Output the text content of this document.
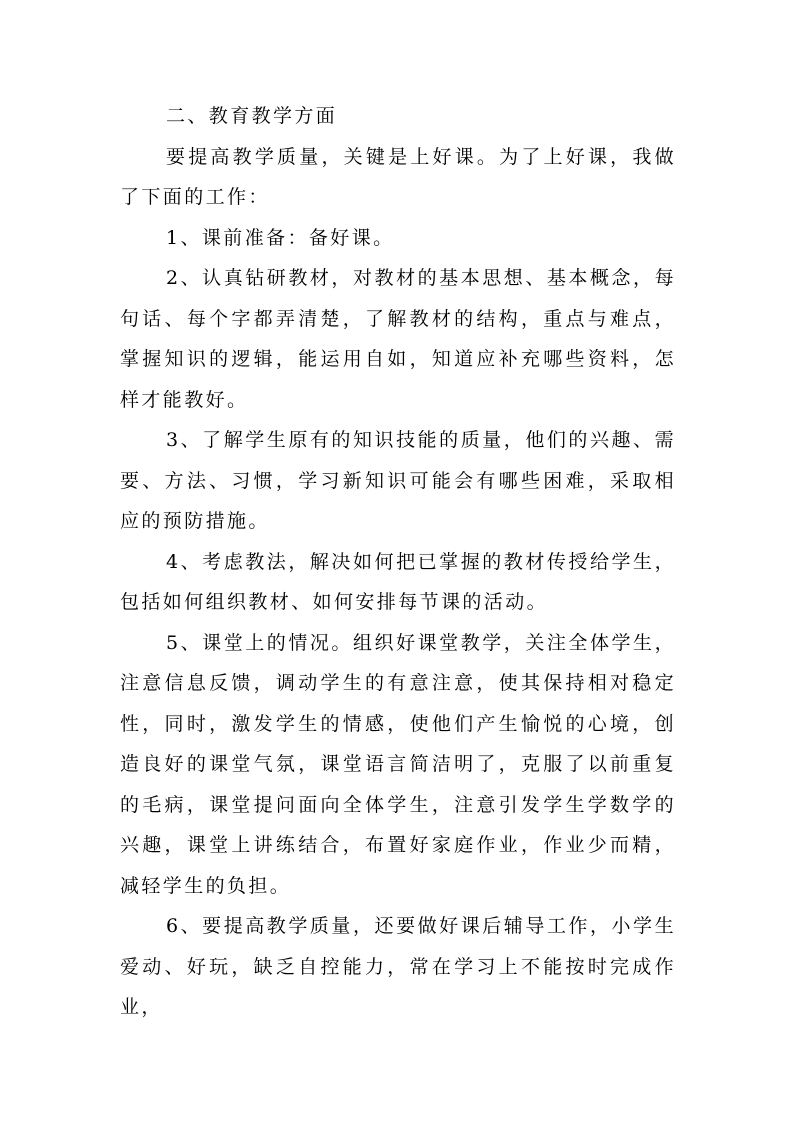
二、教育教学方面

要提高教学质量，关键是上好课。为了上好课，我做了下面的工作：

1、课前准备：备好课。

2、认真钻研教材，对教材的基本思想、基本概念，每句话、每个字都弄清楚，了解教材的结构，重点与难点，掌握知识的逻辑，能运用自如，知道应补充哪些资料，怎样才能教好。

3、了解学生原有的知识技能的质量，他们的兴趣、需要、方法、习惯，学习新知识可能会有哪些困难，采取相应的预防措施。

4、考虑教法，解决如何把已掌握的教材传授给学生，包括如何组织教材、如何安排每节课的活动。

5、课堂上的情况。组织好课堂教学，关注全体学生，注意信息反馈，调动学生的有意注意，使其保持相对稳定性，同时，激发学生的情感，使他们产生愉悦的心境，创造良好的课堂气氛，课堂语言简洁明了，克服了以前重复的毛病，课堂提问面向全体学生，注意引发学生学数学的兴趣，课堂上讲练结合，布置好家庭作业，作业少而精，减轻学生的负担。

6、要提高教学质量，还要做好课后辅导工作，小学生爱动、好玩，缺乏自控能力，常在学习上不能按时完成作业，
